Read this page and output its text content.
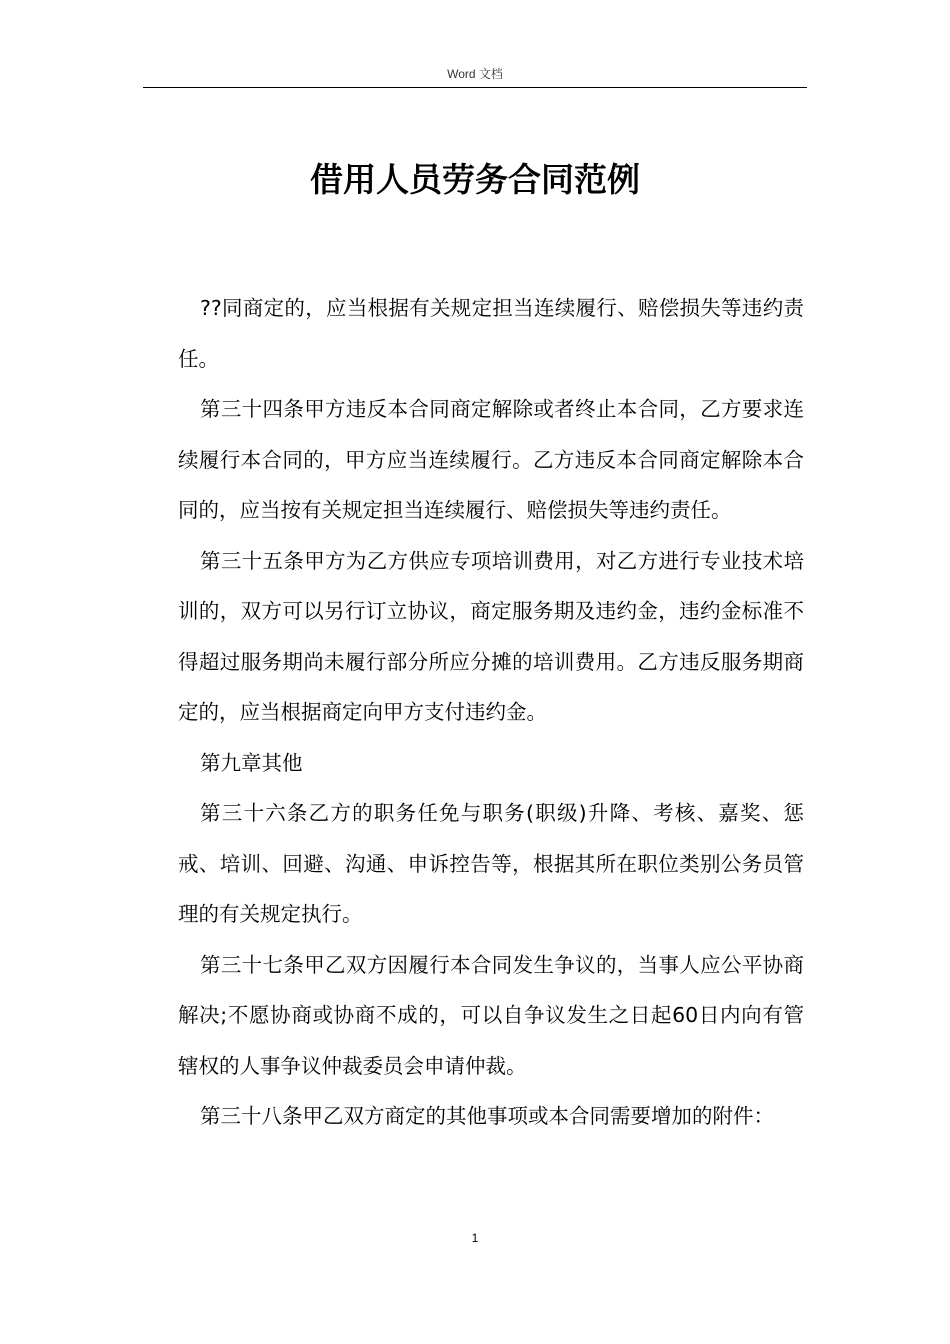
Word 文档
借用人员劳务合同范例

??同商定的，应当根据有关规定担当连续履行、赔偿损失等违约责任。

第三十四条甲方违反本合同商定解除或者终止本合同，乙方要求连续履行本合同的，甲方应当连续履行。乙方违反本合同商定解除本合同的，应当按有关规定担当连续履行、赔偿损失等违约责任。

第三十五条甲方为乙方供应专项培训费用，对乙方进行专业技术培训的，双方可以另行订立协议，商定服务期及违约金，违约金标准不得超过服务期尚未履行部分所应分摊的培训费用。乙方违反服务期商定的，应当根据商定向甲方支付违约金。

第九章其他

第三十六条乙方的职务任免与职务(职级)升降、考核、嘉奖、惩戒、培训、回避、沟通、申诉控告等，根据其所在职位类别公务员管理的有关规定执行。

第三十七条甲乙双方因履行本合同发生争议的，当事人应公平协商解决;不愿协商或协商不成的，可以自争议发生之日起60日内向有管辖权的人事争议仲裁委员会申请仲裁。

第三十八条甲乙双方商定的其他事项或本合同需要增加的附件：

1
